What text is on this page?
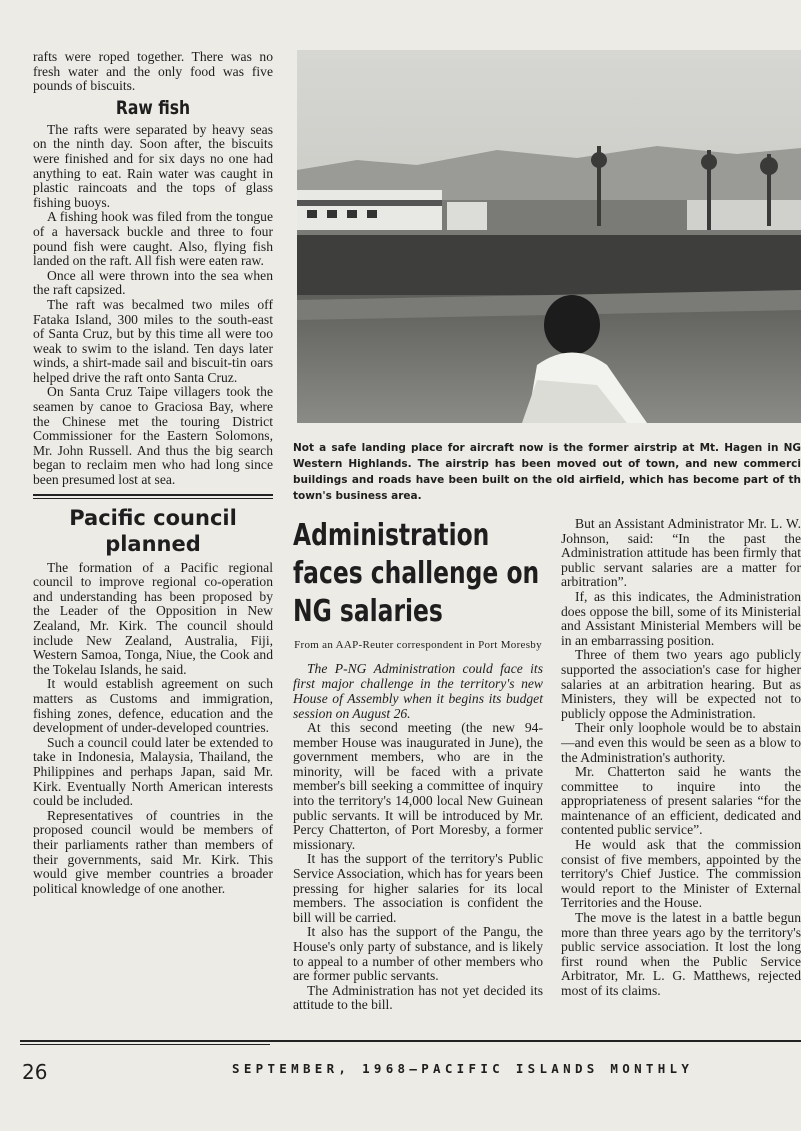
rafts were roped together. There was no fresh water and the only food was five pounds of biscuits.

Raw fish

The rafts were separated by heavy seas on the ninth day. Soon after, the biscuits were finished and for six days no one had anything to eat. Rain water was caught in plastic raincoats and the tops of glass fishing buoys.

A fishing hook was filed from the tongue of a haversack buckle and three to four pound fish were caught. Also, flying fish landed on the raft. All fish were eaten raw.

Once all were thrown into the sea when the raft capsized.

The raft was becalmed two miles off Fataka Island, 300 miles to the south-east of Santa Cruz, but by this time all were too weak to swim to the island. Ten days later winds, a shirt-made sail and biscuit-tin oars helped drive the raft onto Santa Cruz.

On Santa Cruz Taipe villagers took the seamen by canoe to Graciosa Bay, where the Chinese met the touring District Commissioner for the Eastern Solomons, Mr. John Russell. And thus the big search began to reclaim men who had long since been presumed lost at sea.

Pacific council planned

The formation of a Pacific regional council to improve regional co-operation and understanding has been proposed by the Leader of the Opposition in New Zealand, Mr. Kirk. The council should include New Zealand, Australia, Fiji, Western Samoa, Tonga, Niue, the Cook and the Tokelau Islands, he said.

It would establish agreement on such matters as Customs and immigration, fishing zones, defence, education and the development of under-developed countries.

Such a council could later be extended to take in Indonesia, Malaysia, Thailand, the Philippines and perhaps Japan, said Mr. Kirk. Eventually North American interests could be included.

Representatives of countries in the proposed council would be members of their parliaments rather than members of their governments, said Mr. Kirk. This would give member countries a broader political knowledge of one another.

Not a safe landing place for aircraft now is the former airstrip at Mt. Hagen in NG Western Highlands. The airstrip has been moved out of town, and new commerci buildings and roads have been built on the old airfield, which has become part of th town's business area.
Administration faces challenge on NG salaries
From an AAP-Reuter correspondent in Port Moresby

The P-NG Administration could face its first major challenge in the territory's new House of Assembly when it begins its budget session on August 26.

At this second meeting (the new 94-member House was inaugurated in June), the government members, who are in the minority, will be faced with a private member's bill seeking a committee of inquiry into the territory's 14,000 local New Guinean public servants. It will be introduced by Mr. Percy Chatterton, of Port Moresby, a former missionary.

It has the support of the territory's Public Service Association, which has for years been pressing for higher salaries for its local members. The association is confident the bill will be carried.

It also has the support of the Pangu, the House's only party of substance, and is likely to appeal to a number of other members who are former public servants.

The Administration has not yet decided its attitude to the bill.

But an Assistant Administrator Mr. L. W. Johnson, said: “In the past the Administration attitude has been firmly that public servant salaries are a matter for arbitration”.

If, as this indicates, the Administration does oppose the bill, some of its Ministerial and Assistant Ministerial Members will be in an embarrassing position.

Three of them two years ago publicly supported the association's case for higher salaries at an arbitration hearing. But as Ministers, they will be expected not to publicly oppose the Administration.

Their only loophole would be to abstain—and even this would be seen as a blow to the Administration's authority.

Mr. Chatterton said he wants the committee to inquire into the appropriateness of present salaries “for the maintenance of an efficient, dedicated and contented public service”.

He would ask that the commission consist of five members, appointed by the territory's Chief Justice. The commission would report to the Minister of External Territories and the House.

The move is the latest in a battle begun more than three years ago by the territory's public service association. It lost the long first round when the Public Service Arbitrator, Mr. L. G. Matthews, rejected most of its claims.

26	SEPTEMBER, 1968—PACIFIC ISLANDS MONTHLY
